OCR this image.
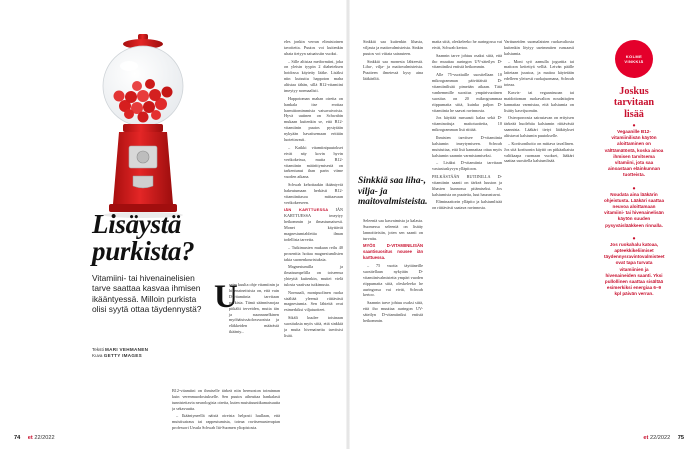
Lisäystä
purkista?

Vitamiini- tai hivenainelisien tarve saattaa kasvaa ihmisen ikääntyessä. Milloin purkista olisi syytä ottaa täydennystä?

Teksti MARI VEHMANEN
Kuva GETTY IMAGES
U

seim kuulta ohje vitamiinin ja hivenaineitsista on, että vain D-vitamiinia tarvitaan purkista. Tämä säännösnojaa pitkälti terveiden, mutta tän ja suunnanelkinen myöhäisissäolosvuosista ja eläkkeiden määrästä ikäänty...

B12-vitamiini on ihmiselle tärkeä niin hermoston toiminnan kuin verenmuodostukselle. Sen puutos aiheuttaa hankalasti tunnistettavia neurologisia oireita, kuten muistiuunitkamaisuutta ja sekavuutta.

– Ikääntyneellä näistä oireista helposti luullaan, että muistisairaus tai rappeutumista, toteaa ravitsemusterapian professori Ursula Schwab Itä-Suomen yliopistosta.

eles jonkin verran elimistoinen tavoitetta. Puutos voi kuitenkin uhata tietyyn satuaissiin vuoksi.

– Sille altistaa metformiini, joka on yleisin tyypin 2 diabeteksen hoidossa käytetty lääke. Lisäksi niin kutsuttu happoton maha altistaa tähän, sillä B12-vitamiini imeytyy normaalisti.

Happotoman mahan oireita on hankala itse erottaa harmittomimmista vatsavaivoista. Hyvä uutinen on Schwabin mukaan kuitenkin se, että B12-vitamiinin puutos pystytään nykyään havaitsemaan erittäin luotettavasti.

– Kaikki vitamiinipuutokset eivät näy kovin hyvin verikokeissa, mutta B12-vitamiinin määrittymisestä on tarkentunut ihan parin viime vuoden aikana.

Schwab kehottaakin ikääntyviä hakeutumaan herkästi B12-vitamiinitasoa mittaavaan verikokeeseen.

IÄN KARTTUESSA IÄN KARTTUESSA imeytyy heikommin ja ilmastumaisesti. Monet käyttävät magnesiumtablettia ilman todellista tarvetta.

– Tutkimusten mukaan reilu 40 prosenttia hoitaa magnesiumlisien takia suonenkouristuksia.

Magnesiumilla ja ilmaisumpelilla on toiseensa yhteyttä kuitenkin, muttei vielä tulosta vaativaa tutkimusta.

Normaali, monipuolinen ruoka sisältää yleensä riittävästi magnesiumia. Sen lähteitä ovat esimerkiksi viljatuotteet.

Sikäli kuulee toisinaan suosituksia myös siitä, että sinkkiä ja muita hivenaineita tarvitsisi lisää.

74 et 22/2022

Sinkkiä saa kuitenkin lihasta, viljasta ja maitovalmisteista. Sinkin puutos voi viitata sairauteen.

Sinkkiä saa monesta lähteestä. Liha-, vilja- ja maitovalmisteista. Puutteen ilmetessä kysy aina lääkäriltä.

Sinkkiä saa liha-, vilja- ja maitovalmisteista.

Seleeniä saa kasvaimista ja kalasta. Suomessa seleeniä on lisätty lannoitteisiin, joten sen saanti on turvattu.

MYÖS D-VITAMIINILISÄN saantisuositus nousee iän karttuessa.

– 75 vuotta täyttäneille suositellaan nykyään D-vitamiinivalmistetta ympäri vuoden riippumatta siitä, oleskeleeko he auringossa vai eivät, Schwab kertoo.

Saannin tarve johtuu osaksi siitä, että iho muuttaa auringon UV-säteilyn D-vitamiiniksi entistä heikommin.

matta siitä, oleskeleeko he auringossa vai eivät, Schwab kertoo.

Saannin tarve johtuu osaksi siitä, että iho muuttaa auringon UV-säteilyn D-vitamiiniksi entistä heikommin.

Alle 75-vuotiaille suositellaan 10 mikrogramman päivittäistä D-vitamiinilisää pimeään aikaan. Tätä vanhemmille suositus ympärivuotinen suositus on 20 mikrogrammaa riippumatta siitä, kuinka paljon D-vitamiinia he saavat ravinnosta.

Jos käyttää runsaasti kalaa sekä D-vitaminoituja maitotuotteita, 10 mikrogramman lisä riittää.

Ihmisten tarvitsee D-vitamiinia kalsiumin imeytymiseen. Schwab muistuttaa, että lisä kannattaa ottaa myös kalsiumin saannin varmistamiseksi.

– Lisäksi D-vitamiinia tarvitaan vastustuskyvyn ylläpitoon.

PELKÄSTÄÄN RUTIINILLA D-vitamiinin saanti on tärkeä luuston ja lihasten kunnossa pitämiseksi. Jos kalsiumista on puutetta, luut haurastuvat.

Eliminaattorin ylläpito ja kalsiumlisää on riittävästi saatava ravinnosta.

Varttuneiden suomalaisten ruokavaliosta kuitenkin löytyy useimmiten runsaasti kalsiumia.

– Moni syö aamulla jogurttia tai maitoon keitettyä velliä. Leivän päälle laitetaan juustoa, ja maitoa käytetään edelleen yleisesti ruokajuomana, Schwab toteaa.

Kasvis- tai vegaaniruoan tai maidottoman ruokavalion noudattajien kannattaa varmistaa, että kalsiumia on lisätty kasvijuomiin.

Osteoporoosia sairastavan on erityisen tärkeää huolehtia kalsiumin riittävästä saannista. Lääkäri tietyt lääkitykset altistavat kalsiumin puutokselle.

– Kortisonihoito on mittava tavallinen. Jos sitä kortisonin käyttö on pitkäaikaista valitkaapa ruomaan vuokset, lääkäri saattaa suositella kalsiumlisää.

KOLME VINKKIÄ
Joskus tarvitaan lisää

•
Vegaanille B12-vitamiinilisän käytön aloittaminen on välttämätöntä, koska ainoa ihmisen tarvitsema vitamiini, jota saa ainoastaan eläinkunnan tuotteista.

•
Noudata aina lääkärin ohjeistusta. Lääkäri saattaa neuvoa aloittamaan vitamiini- tai hivenainelisän käytön suuden pysyväislääkkeen rinnalla.

•
Jos ruokahalu katoaa, apteekkikeliimiset täydennysravintovalmisteet ovat tapa turvata vitamiinien ja hivenaineiden saanti. Yksi pullollinen saattaa sisältää esimerkiksi energiaa 6–9 kpl päivän verran.

et 22/2022 75
